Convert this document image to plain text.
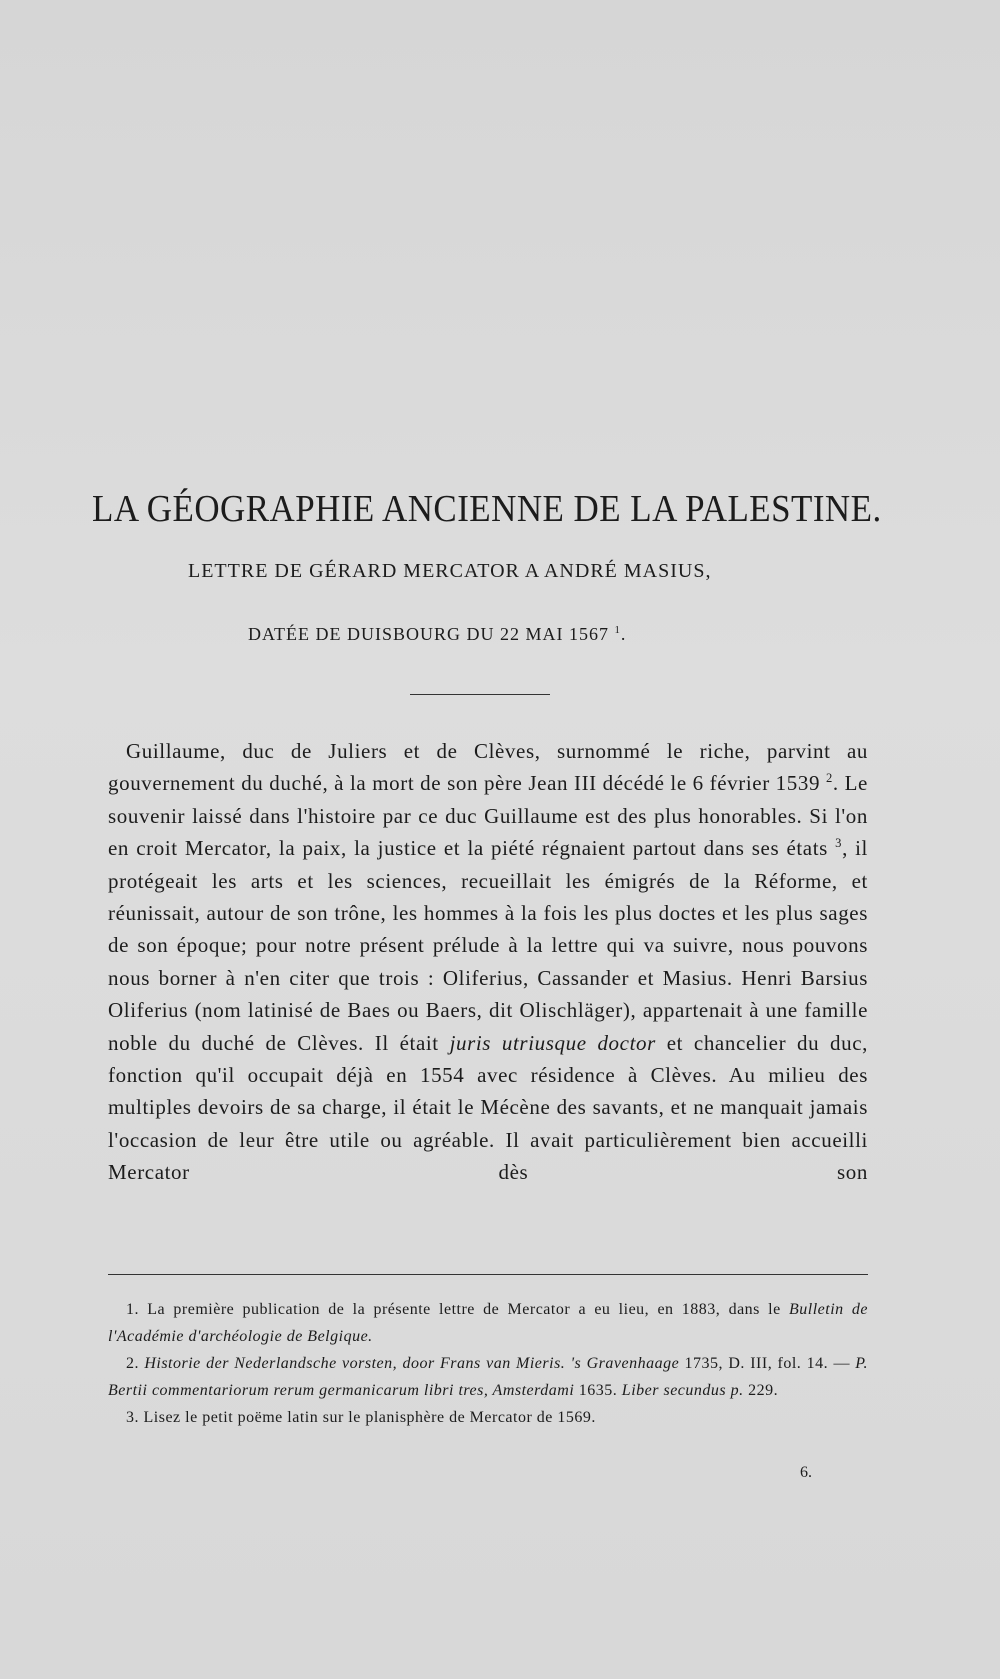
LA GÉOGRAPHIE ANCIENNE DE LA PALESTINE.
LETTRE DE GÉRARD MERCATOR A ANDRÉ MASIUS,
DATÉE DE DUISBOURG DU 22 MAI 1567 $^1$.

Guillaume, duc de Juliers et de Clèves, surnommé le riche, parvint au gouvernement du duché, à la mort de son père Jean III décédé le 6 février 1539 $^2$. Le souvenir laissé dans l'histoire par ce duc Guillaume est des plus honorables. Si l'on en croit Mercator, la paix, la justice et la piété régnaient partout dans ses états $^3$, il protégeait les arts et les sciences, recueillait les émigrés de la Réforme, et réunissait, autour de son trône, les hommes à la fois les plus doctes et les plus sages de son époque; pour notre présent prélude à la lettre qui va suivre, nous pouvons nous borner à n'en citer que trois : Oliferius, Cassander et Masius. Henri Barsius Oliferius (nom latinisé de Baes ou Baers, dit Olischläger), appartenait à une famille noble du duché de Clèves. Il était juris utriusque doctor et chancelier du duc, fonction qu'il occupait déjà en 1554 avec résidence à Clèves. Au milieu des multiples devoirs de sa charge, il était le Mécène des savants, et ne manquait jamais l'occasion de leur être utile ou agréable. Il avait particulièrement bien accueilli Mercator dès son

1. La première publication de la présente lettre de Mercator a eu lieu, en 1883, dans le Bulletin de l'Académie d'archéologie de Belgique.

2. Historie der Nederlandsche vorsten, door Frans van Mieris. 's Gravenhaage 1735, D. III, fol. 14. — P. Bertii commentariorum rerum germanicarum libri tres, Amsterdami 1635. Liber secundus p. 229.

3. Lisez le petit poëme latin sur le planisphère de Mercator de 1569.

6.
